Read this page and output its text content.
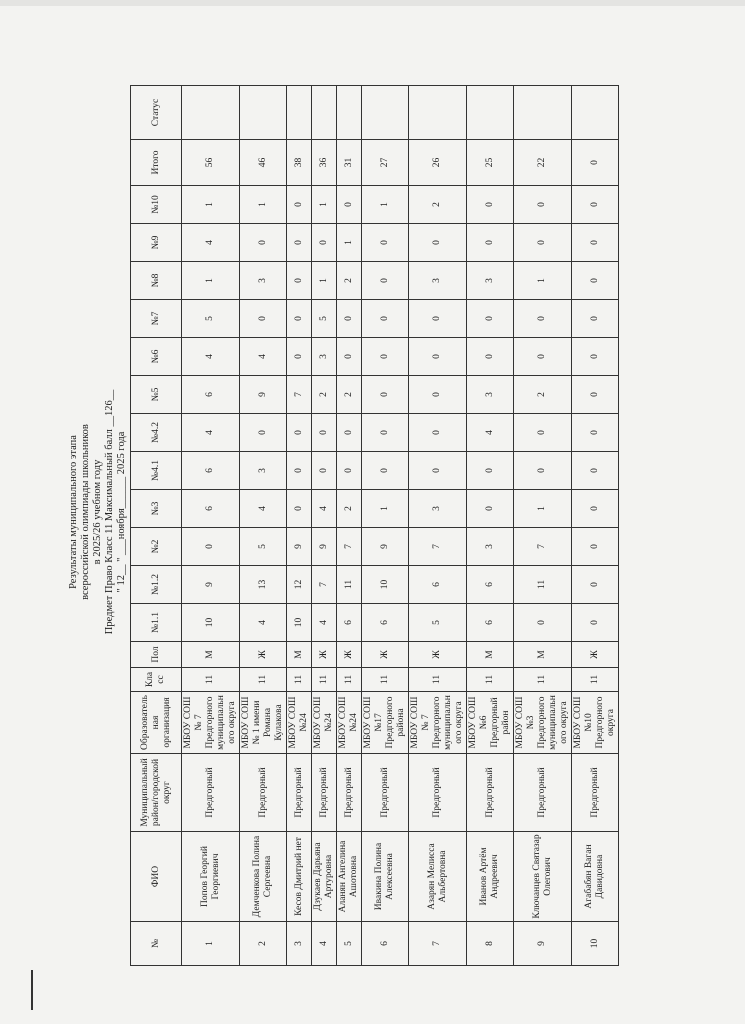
Результаты муниципального этапа всероссийской олимпиады школьников в 2025/26 учебном году Предмет Право Класс 11 Максимальный балл __126__ " 12__ " ___ноября______ 2025 года
№	ФИО	Муниципальный район/городской округ	Образовательная организация	Класс	Пол	№1.1	№1.2	№2	№3	№4.1	№4.2	№5	№6	№7	№8	№9	№10	Итого	Статус
1	Попов Георгий Георгиевич	Предгорный	МБОУ СОШ № 7 Предгорного муниципального округа	11	М	10	9	0	6	6	4	6	4	5	1	4	1	56	
2	Демченкова Полина Сергеевна	Предгорный	МБОУ СОШ № 1 имени Романа Кулакова	11	Ж	4	13	5	4	3	0	9	4	0	3	0	1	46	
3	Кесов Дмитрий нет	Предгорный	МБОУ СОШ №24	11	М	10	12	9	0	0	0	7	0	0	0	0	0	38	
4	Дзукаев Дарьяна Артуровна	Предгорный	МБОУ СОШ №24	11	Ж	4	7	9	4	0	0	2	3	5	1	0	1	36	
5	Аланян Ангелина Ашотовна	Предгорный	МБОУ СОШ №24	11	Ж	6	11	7	2	0	0	2	0	0	2	1	0	31	
6	Ивакина Полина Алексеевна	Предгорный	МБОУ СОШ №17 Предгорного района	11	Ж	6	10	9	1	0	0	0	0	0	0	0	1	27	
7	Азарян Мелисса Альбертовна	Предгорный	МБОУ СОШ № 7 Предгорного муниципального округа	11	Ж	5	6	7	3	0	0	0	0	0	3	0	2	26	
8	Иванов Артём Андреевич	Предгорный	МБОУ СОШ №6 Предгорный район	11	М	6	6	3	0	0	4	3	0	0	3	0	0	25	
9	Ключанцев Святазар Олегович	Предгорный	МБОУ СОШ №3 Предгорного муниципального округа	11	М	0	11	7	1	0	0	2	0	0	1	0	0	22	
10	Агабабян Ваган Давидовна	Предгорный	МБОУ СОШ №10 Предгорного округа	11	Ж	0	0	0	0	0	0	0	0	0	0	0	0	0	
